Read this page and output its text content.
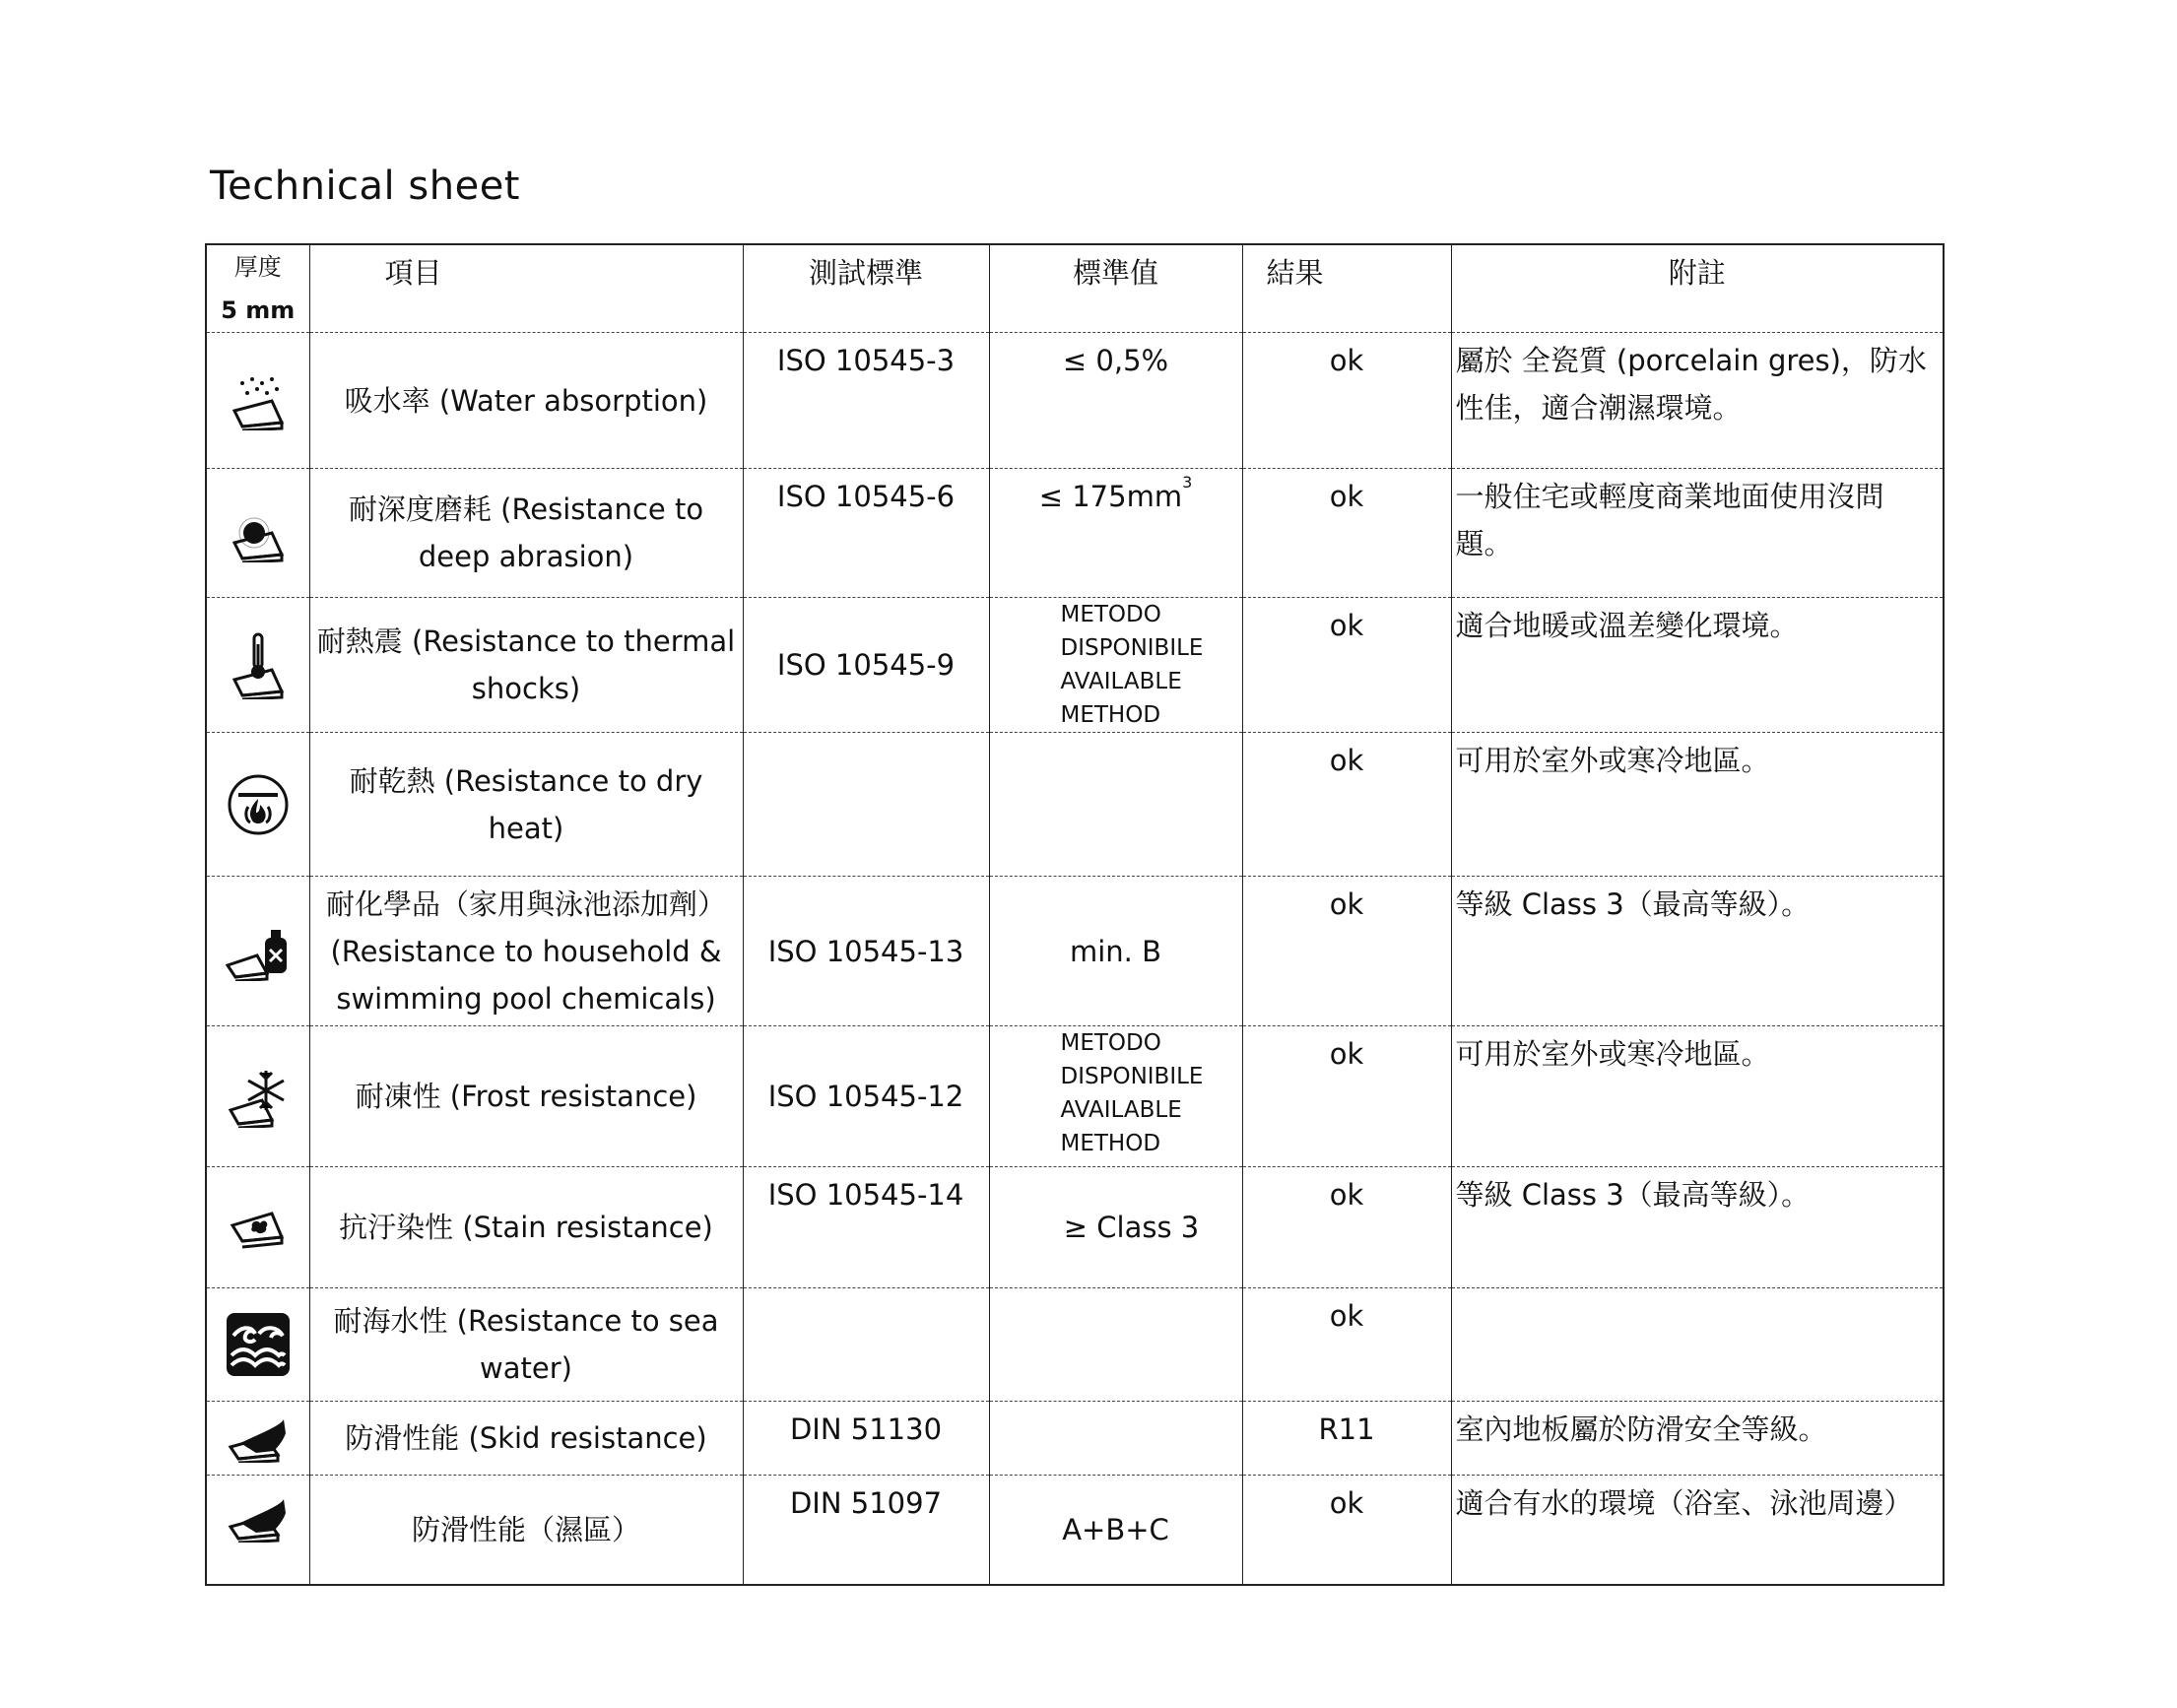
Technical sheet
厚度
5 mm	項目	測試標準	標準值	結果	附註

	吸水率 (Water absorption)	ISO 10545-3	≤ 0,5%	ok	屬於 全瓷質 (porcelain gres)，防水性佳，適合潮濕環境。

	耐深度磨耗 (Resistance to deep abrasion)	ISO 10545-6	≤ $175mm^3$	ok	一般住宅或輕度商業地面使用沒問題。

	耐熱震 (Resistance to thermal shocks)	ISO 10545-9	METODO
DISPONIBILE
AVAILABLE
METHOD	ok	適合地暖或溫差變化環境。

	耐乾熱 (Resistance to dry heat)			ok	可用於室外或寒冷地區。

	耐化學品（家用與泳池添加劑）(Resistance to household & swimming pool chemicals)	ISO 10545-13	min. B	ok	等級 Class 3（最高等級）。

	耐凍性 (Frost resistance)	ISO 10545-12	METODO
DISPONIBILE
AVAILABLE
METHOD	ok	可用於室外或寒冷地區。

	抗汙染性 (Stain resistance)	ISO 10545-14	≥ Class 3	ok	等級 Class 3（最高等級）。

	耐海水性 (Resistance to sea water)			ok	

	防滑性能 (Skid resistance)	DIN 51130		R11	室內地板屬於防滑安全等級。

	防滑性能（濕區）	DIN 51097	A+B+C	ok	適合有水的環境（浴室、泳池周邊）
